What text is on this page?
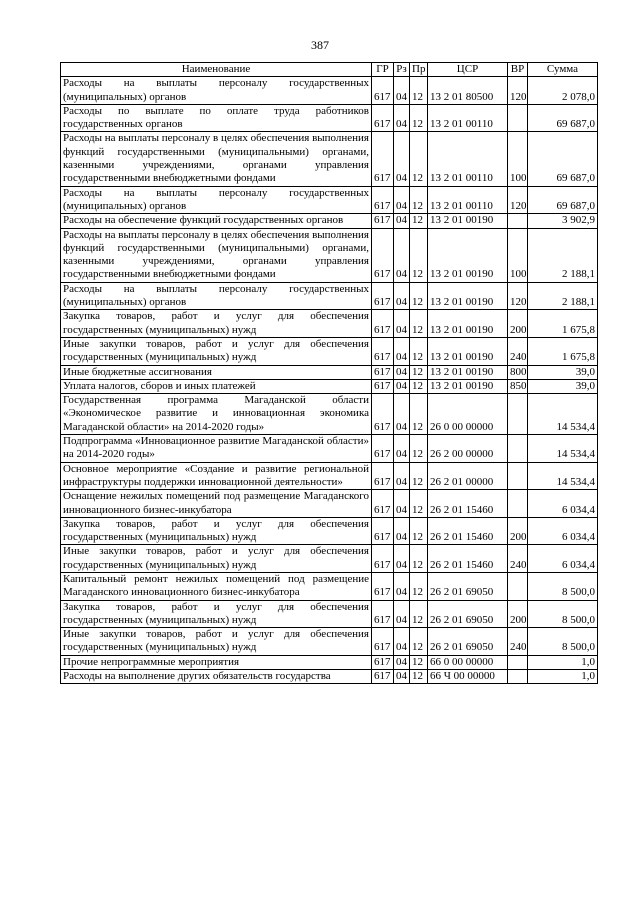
387
Наименование	ГР	Рз	Пр	ЦСР	ВР	Сумма
Расходы на выплаты персоналу государственных (муниципальных) органов	617	04	12	13 2 01 80500	120	2 078,0
Расходы по выплате по оплате труда работников государственных органов	617	04	12	13 2 01 00110		69 687,0
Расходы на выплаты персоналу в целях обеспечения выполнения функций государственными (муниципальными) органами, казенными учреждениями, органами управления государственными внебюджетными фондами	617	04	12	13 2 01 00110	100	69 687,0
Расходы на выплаты персоналу государственных (муниципальных) органов	617	04	12	13 2 01 00110	120	69 687,0
Расходы на обеспечение функций государственных органов	617	04	12	13 2 01 00190		3 902,9
Расходы на выплаты персоналу в целях обеспечения выполнения функций государственными (муниципальными) органами, казенными учреждениями, органами управления государственными внебюджетными фондами	617	04	12	13 2 01 00190	100	2 188,1
Расходы на выплаты персоналу государственных (муниципальных) органов	617	04	12	13 2 01 00190	120	2 188,1
Закупка товаров, работ и услуг для обеспечения государственных (муниципальных) нужд	617	04	12	13 2 01 00190	200	1 675,8
Иные закупки товаров, работ и услуг для обеспечения государственных (муниципальных) нужд	617	04	12	13 2 01 00190	240	1 675,8
Иные бюджетные ассигнования	617	04	12	13 2 01 00190	800	39,0
Уплата налогов, сборов и иных платежей	617	04	12	13 2 01 00190	850	39,0
Государственная программа Магаданской области «Экономическое развитие и инновационная экономика Магаданской области» на 2014-2020 годы»	617	04	12	26 0 00 00000		14 534,4
Подпрограмма «Инновационное развитие Магаданской области» на 2014-2020 годы»	617	04	12	26 2 00 00000		14 534,4
Основное мероприятие «Создание и развитие региональной инфраструктуры поддержки инновационной деятельности»	617	04	12	26 2 01 00000		14 534,4
Оснащение нежилых помещений под размещение Магаданского инновационного бизнес-инкубатора	617	04	12	26 2 01 15460		6 034,4
Закупка товаров, работ и услуг для обеспечения государственных (муниципальных) нужд	617	04	12	26 2 01 15460	200	6 034,4
Иные закупки товаров, работ и услуг для обеспечения государственных (муниципальных) нужд	617	04	12	26 2 01 15460	240	6 034,4
Капитальный ремонт нежилых помещений под размещение Магаданского инновационного бизнес-инкубатора	617	04	12	26 2 01 69050		8 500,0
Закупка товаров, работ и услуг для обеспечения государственных (муниципальных) нужд	617	04	12	26 2 01 69050	200	8 500,0
Иные закупки товаров, работ и услуг для обеспечения государственных (муниципальных) нужд	617	04	12	26 2 01 69050	240	8 500,0
Прочие непрограммные мероприятия	617	04	12	66 0 00 00000		1,0
Расходы на выполнение других обязательств государства	617	04	12	66 Ч 00 00000		1,0
